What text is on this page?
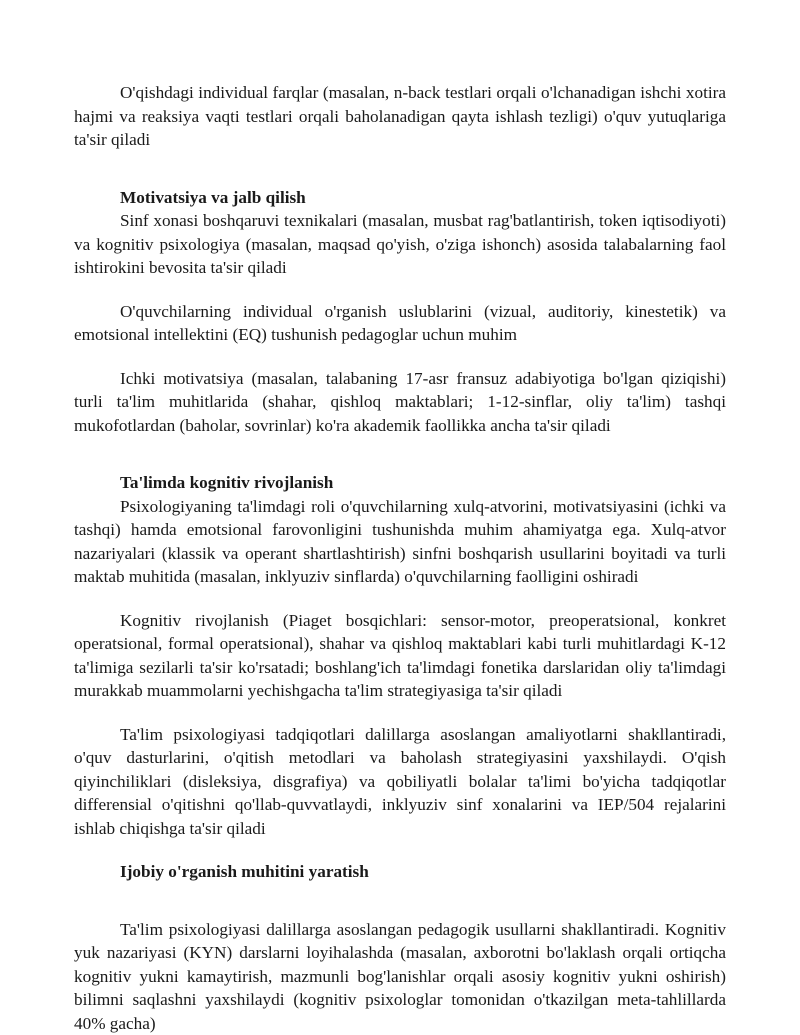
O'qishdagi individual farqlar (masalan, n-back testlari orqali o'lchanadigan ishchi xotira hajmi va reaksiya vaqti testlari orqali baholanadigan qayta ishlash tezligi) o'quv yutuqlariga ta'sir qiladi

Motivatsiya va jalb qilish

Sinf xonasi boshqaruvi texnikalari (masalan, musbat rag'batlantirish, token iqtisodiyoti) va kognitiv psixologiya (masalan, maqsad qo'yish, o'ziga ishonch) asosida talabalarning faol ishtirokini bevosita ta'sir qiladi

O'quvchilarning individual o'rganish uslublarini (vizual, auditoriy, kinestetik) va emotsional intellektini (EQ) tushunish pedagoglar uchun muhim

Ichki motivatsiya (masalan, talabaning 17-asr fransuz adabiyotiga bo'lgan qiziqishi) turli ta'lim muhitlarida (shahar, qishloq maktablari; 1-12-sinflar, oliy ta'lim) tashqi mukofotlardan (baholar, sovrinlar) ko'ra akademik faollikka ancha ta'sir qiladi

Ta'limda kognitiv rivojlanish

Psixologiyaning ta'limdagi roli o'quvchilarning xulq-atvorini, motivatsiyasini (ichki va tashqi) hamda emotsional farovonligini tushunishda muhim ahamiyatga ega. Xulq-atvor nazariyalari (klassik va operant shartlashtirish) sinfni boshqarish usullarini boyitadi va turli maktab muhitida (masalan, inklyuziv sinflarda) o'quvchilarning faolligini oshiradi

Kognitiv rivojlanish (Piaget bosqichlari: sensor-motor, preoperatsional, konkret operatsional, formal operatsional), shahar va qishloq maktablari kabi turli muhitlardagi K-12 ta'limiga sezilarli ta'sir ko'rsatadi; boshlang'ich ta'limdagi fonetika darslaridan oliy ta'limdagi murakkab muammolarni yechishgacha ta'lim strategiyasiga ta'sir qiladi

Ta'lim psixologiyasi tadqiqotlari dalillarga asoslangan amaliyotlarni shakllantiradi, o'quv dasturlarini, o'qitish metodlari va baholash strategiyasini yaxshilaydi. O'qish qiyinchiliklari (disleksiya, disgrafiya) va qobiliyatli bolalar ta'limi bo'yicha tadqiqotlar differensial o'qitishni qo'llab-quvvatlaydi, inklyuziv sinf xonalarini va IEP/504 rejalarini ishlab chiqishga ta'sir qiladi

Ijobiy o'rganish muhitini yaratish

Ta'lim psixologiyasi dalillarga asoslangan pedagogik usullarni shakllantiradi. Kognitiv yuk nazariyasi (KYN) darslarni loyihalashda (masalan, axborotni bo'laklash orqali ortiqcha kognitiv yukni kamaytirish, mazmunli bog'lanishlar orqali asosiy kognitiv yukni oshirish) bilimni saqlashni yaxshilaydi (kognitiv psixologlar tomonidan o'tkazilgan meta-tahlillarda 40% gacha)
